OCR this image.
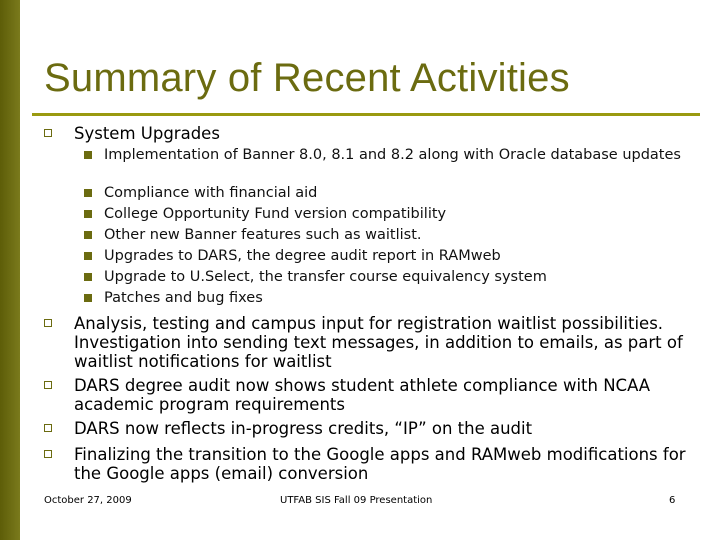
Summary of Recent Activities
System Upgrades
Implementation of Banner 8.0, 8.1 and 8.2 along with Oracle database updates
Compliance with financial aid
College Opportunity Fund version compatibility
Other new Banner features such as waitlist.
Upgrades to DARS, the degree audit report in RAMweb
Upgrade to U.Select, the transfer course equivalency system
Patches and bug fixes
Analysis, testing and campus input for registration waitlist possibilities. Investigation into sending text messages, in addition to emails, as part of waitlist notifications for waitlist
DARS degree audit now shows student athlete compliance with NCAA academic program requirements
DARS now reflects in-progress credits, “IP” on the audit
Finalizing the transition to the Google apps and RAMweb modifications for the Google apps (email) conversion
October 27, 2009	UTFAB SIS Fall 09 Presentation	6
